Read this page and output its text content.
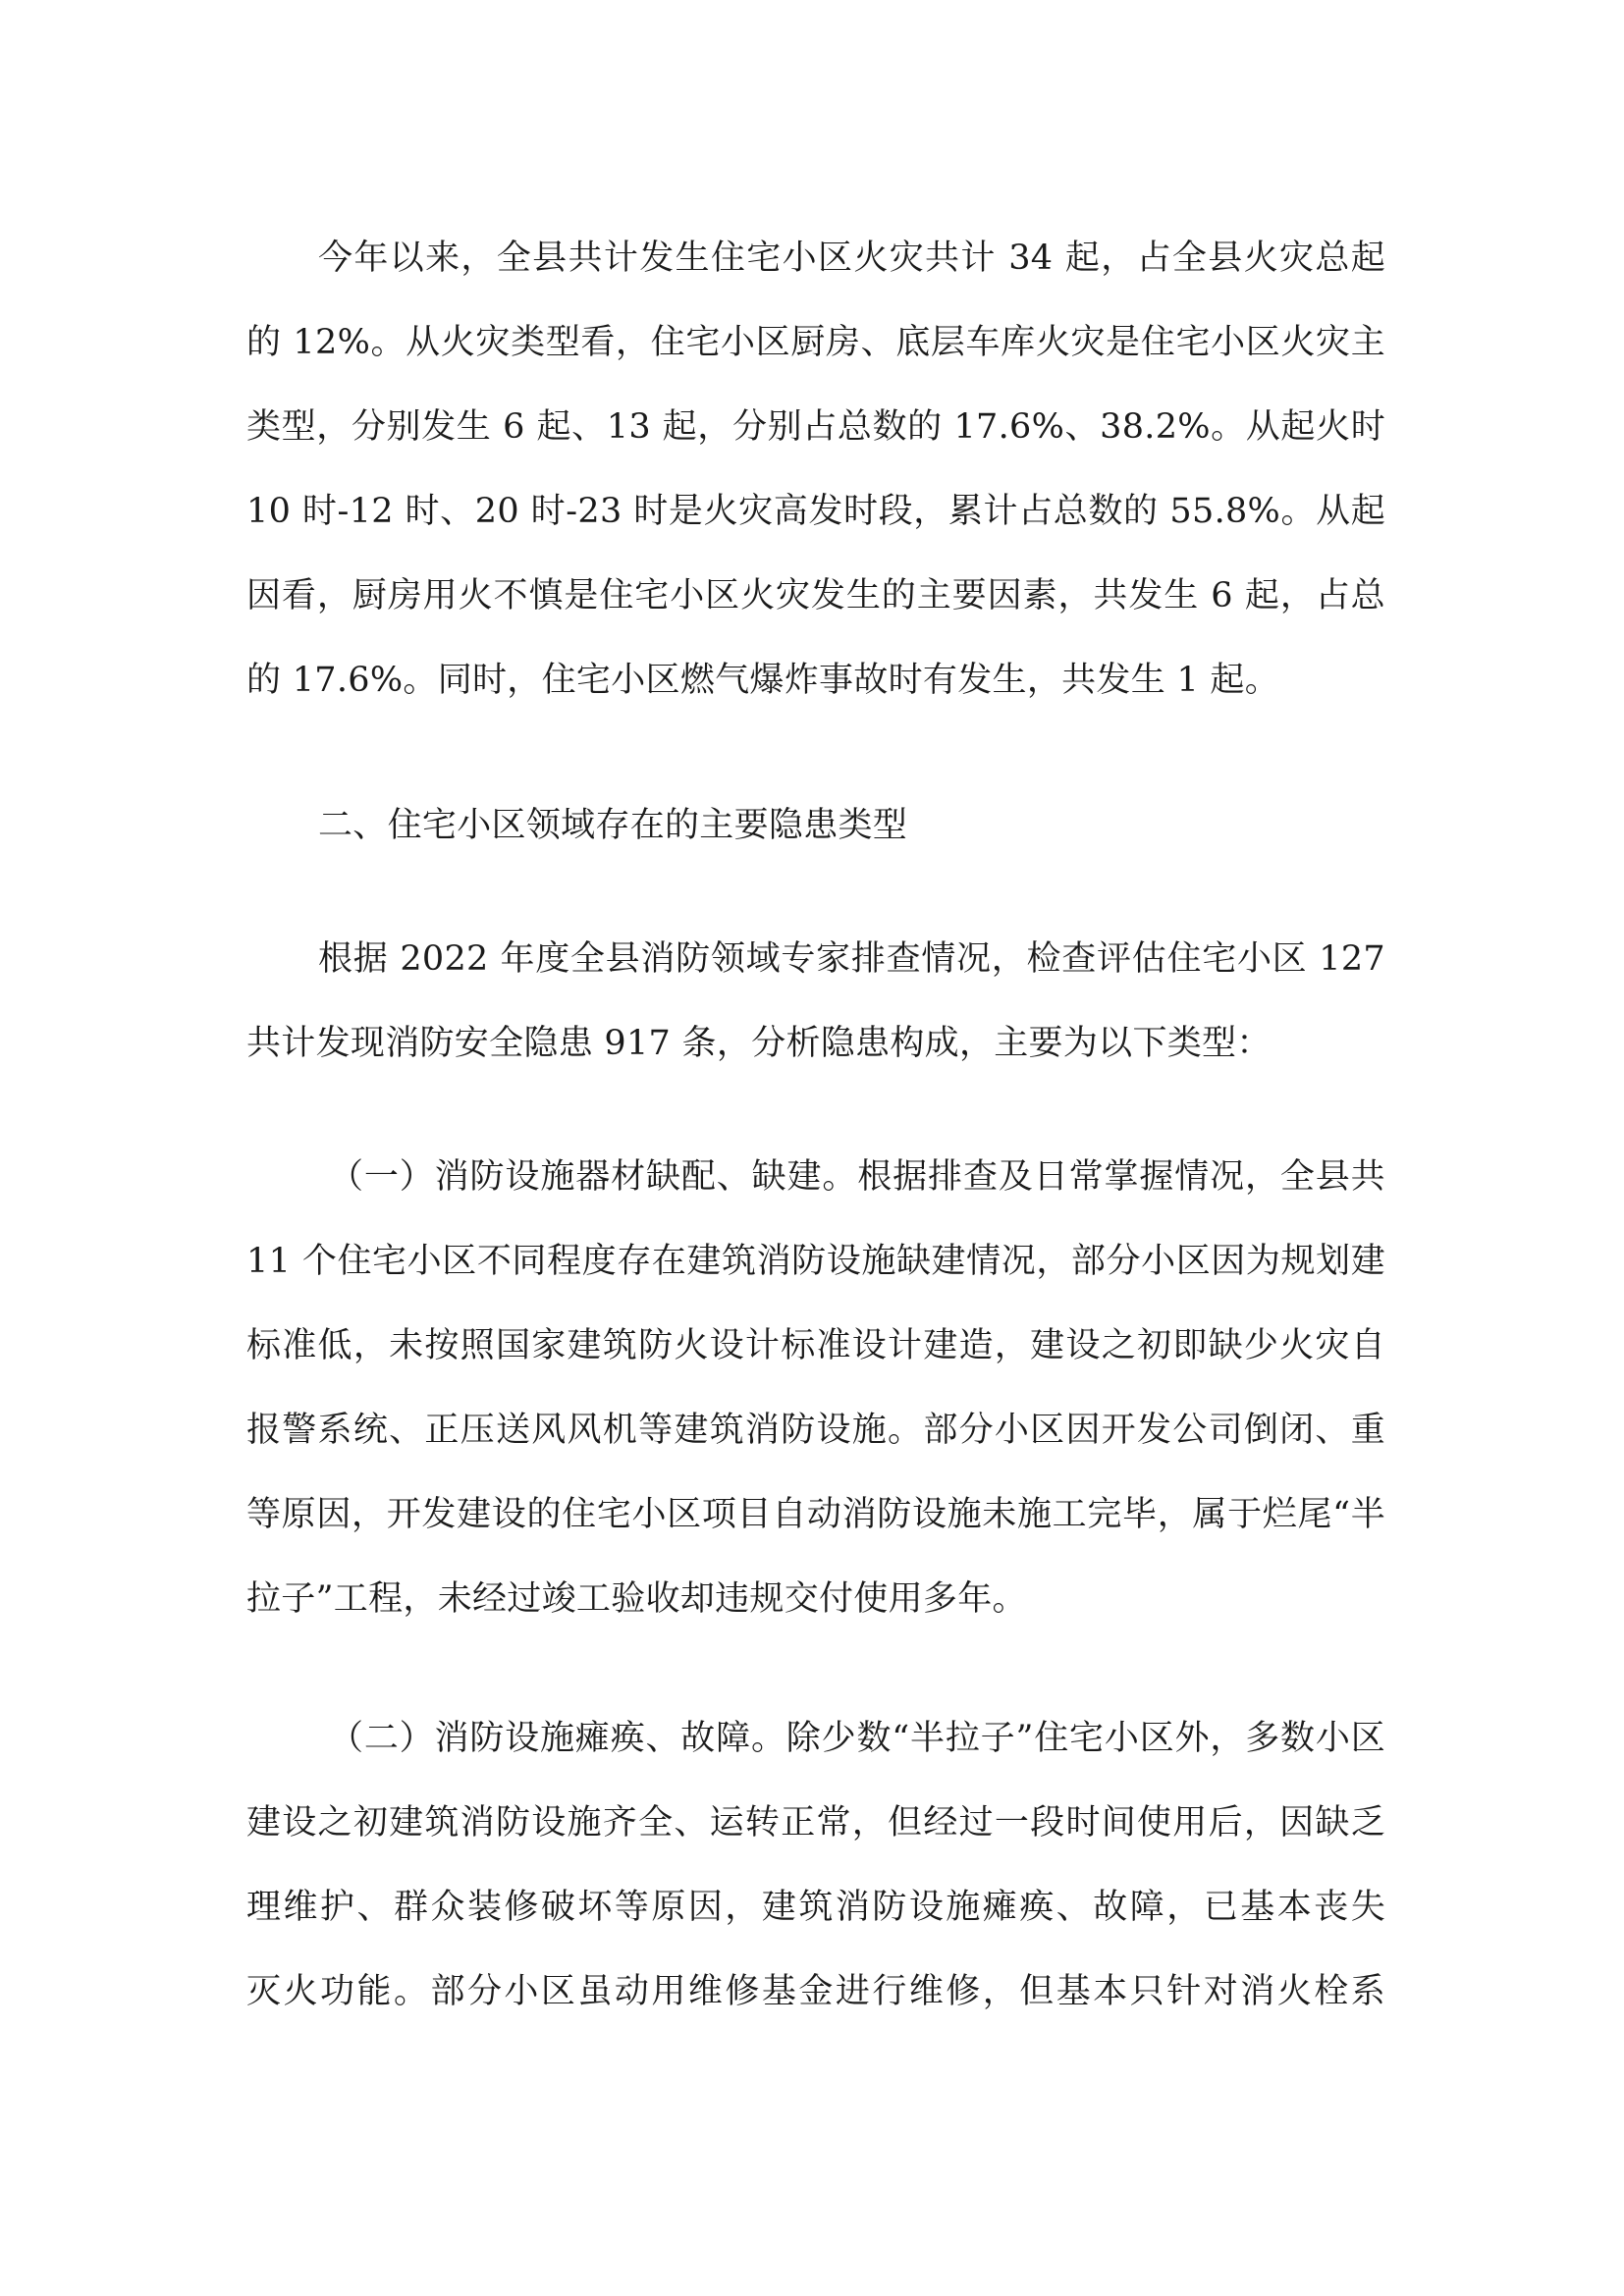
今年以来，全县共计发生住宅小区火灾共计 34 起，占全县火灾总起
的 12%。从火灾类型看，住宅小区厨房、底层车库火灾是住宅小区火灾主
类型，分别发生 6 起、13 起，分别占总数的 17.6%、38.2%。从起火时
10 时-12 时、20 时-23 时是火灾高发时段，累计占总数的 55.8%。从起
因看，厨房用火不慎是住宅小区火灾发生的主要因素，共发生 6 起，占总
的 17.6%。同时，住宅小区燃气爆炸事故时有发生，共发生 1 起。
二、住宅小区领域存在的主要隐患类型
根据 2022 年度全县消防领域专家排查情况，检查评估住宅小区 127
共计发现消防安全隐患 917 条，分析隐患构成，主要为以下类型：
（一）消防设施器材缺配、缺建。根据排查及日常掌握情况，全县共
11 个住宅小区不同程度存在建筑消防设施缺建情况，部分小区因为规划建
标准低，未按照国家建筑防火设计标准设计建造，建设之初即缺少火灾自
报警系统、正压送风风机等建筑消防设施。部分小区因开发公司倒闭、重
等原因，开发建设的住宅小区项目自动消防设施未施工完毕，属于烂尾“半
拉子”工程，未经过竣工验收却违规交付使用多年。
（二）消防设施瘫痪、故障。除少数“半拉子”住宅小区外，多数小区
建设之初建筑消防设施齐全、运转正常，但经过一段时间使用后，因缺乏
理维护、群众装修破坏等原因，建筑消防设施瘫痪、故障，已基本丧失
灭火功能。部分小区虽动用维修基金进行维修，但基本只针对消火栓系
